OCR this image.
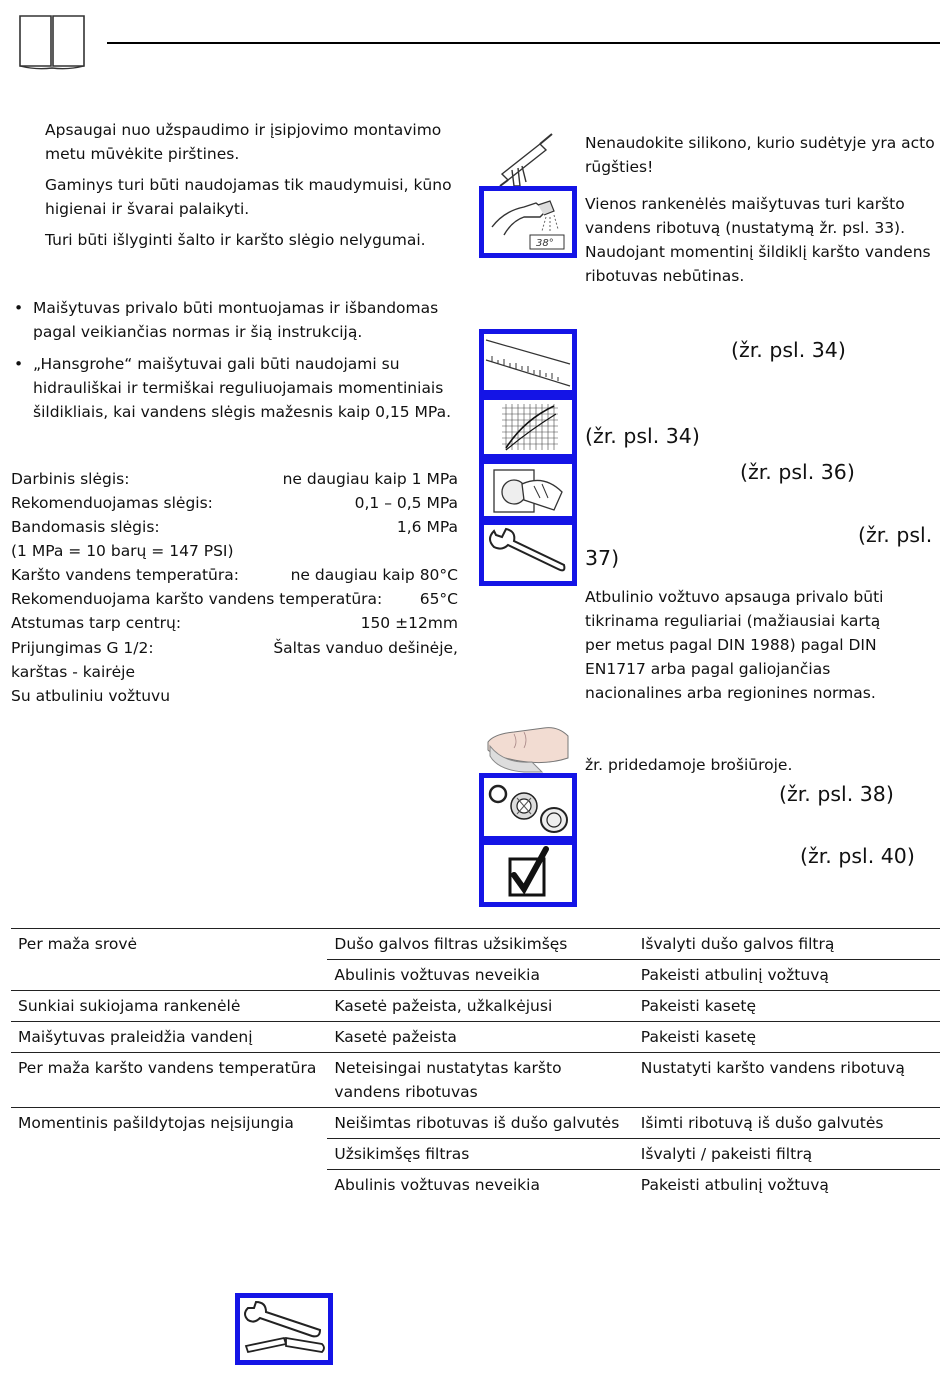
Apsaugai nuo užspaudimo ir įsipjovimo montavimo metu mūvėkite pirštines.

Gaminys turi būti naudojamas tik maudymuisi, kūno higienai ir švarai palaikyti.

Turi būti išlyginti šalto ir karšto slėgio nelygumai.

• Maišytuvas privalo būti montuojamas ir išbandomas pagal veikiančias normas ir šią instrukciją.
• „Hansgrohe“ maišytuvai gali būti naudojami su hidrauliškai ir termiškai reguliuojamais momentiniais šildikliais, kai vandens slėgis mažesnis kaip 0,15 MPa.
Darbinis slėgis:	ne daugiau kaip 1 MPa
Rekomenduojamas slėgis:	0,1 – 0,5 MPa
Bandomasis slėgis:	1,6 MPa
(1 MPa = 10 barų = 147 PSI)
Karšto vandens temperatūra:	ne daugiau kaip 80°C
Rekomenduojama karšto vandens temperatūra: 65°C
Atstumas tarp centrų:	150 ±12mm
Prijungimas G 1/2:	Šaltas vanduo dešinėje,
karštas - kairėje
Su atbuliniu vožtuvu
38°

Nenaudokite silikono, kurio sudėtyje yra acto rūgšties!

Vienos rankenėlės maišytuvas turi karšto vandens ribotuvą (nustatymą žr. psl. 33). Naudojant momentinį šildiklį karšto vandens ribotuvas nebūtinas.

(žr. psl. 34)
(žr. psl. 34)
(žr. psl. 36)
(žr. psl.
37)

Atbulinio vožtuvo apsauga privalo būti tikrinama reguliariai (mažiausiai kartą per metus pagal DIN 1988) pagal DIN EN1717 arba pagal galiojančias nacionalines arba regionines normas.

žr. pridedamoje brošiūroje.

(žr. psl. 38)
(žr. psl. 40)
Per maža srovė	Dušo galvos filtras užsikimšęs	Išvalyti dušo galvos filtrą
	Abulinis vožtuvas neveikia	Pakeisti atbulinį vožtuvą
Sunkiai sukiojama rankenėlė	Kasetė pažeista, užkalkėjusi	Pakeisti kasetę
Maišytuvas praleidžia vandenį	Kasetė pažeista	Pakeisti kasetę
Per maža karšto vandens temperatūra	Neteisingai nustatytas karšto vandens ribotuvas	Nustatyti karšto vandens ribotuvą
Momentinis pašildytojas neįsijungia	Neišimtas ribotuvas iš dušo galvutės	Išimti ribotuvą iš dušo galvutės
	Užsikimšęs filtras	Išvalyti / pakeisti filtrą
	Abulinis vožtuvas neveikia	Pakeisti atbulinį vožtuvą
